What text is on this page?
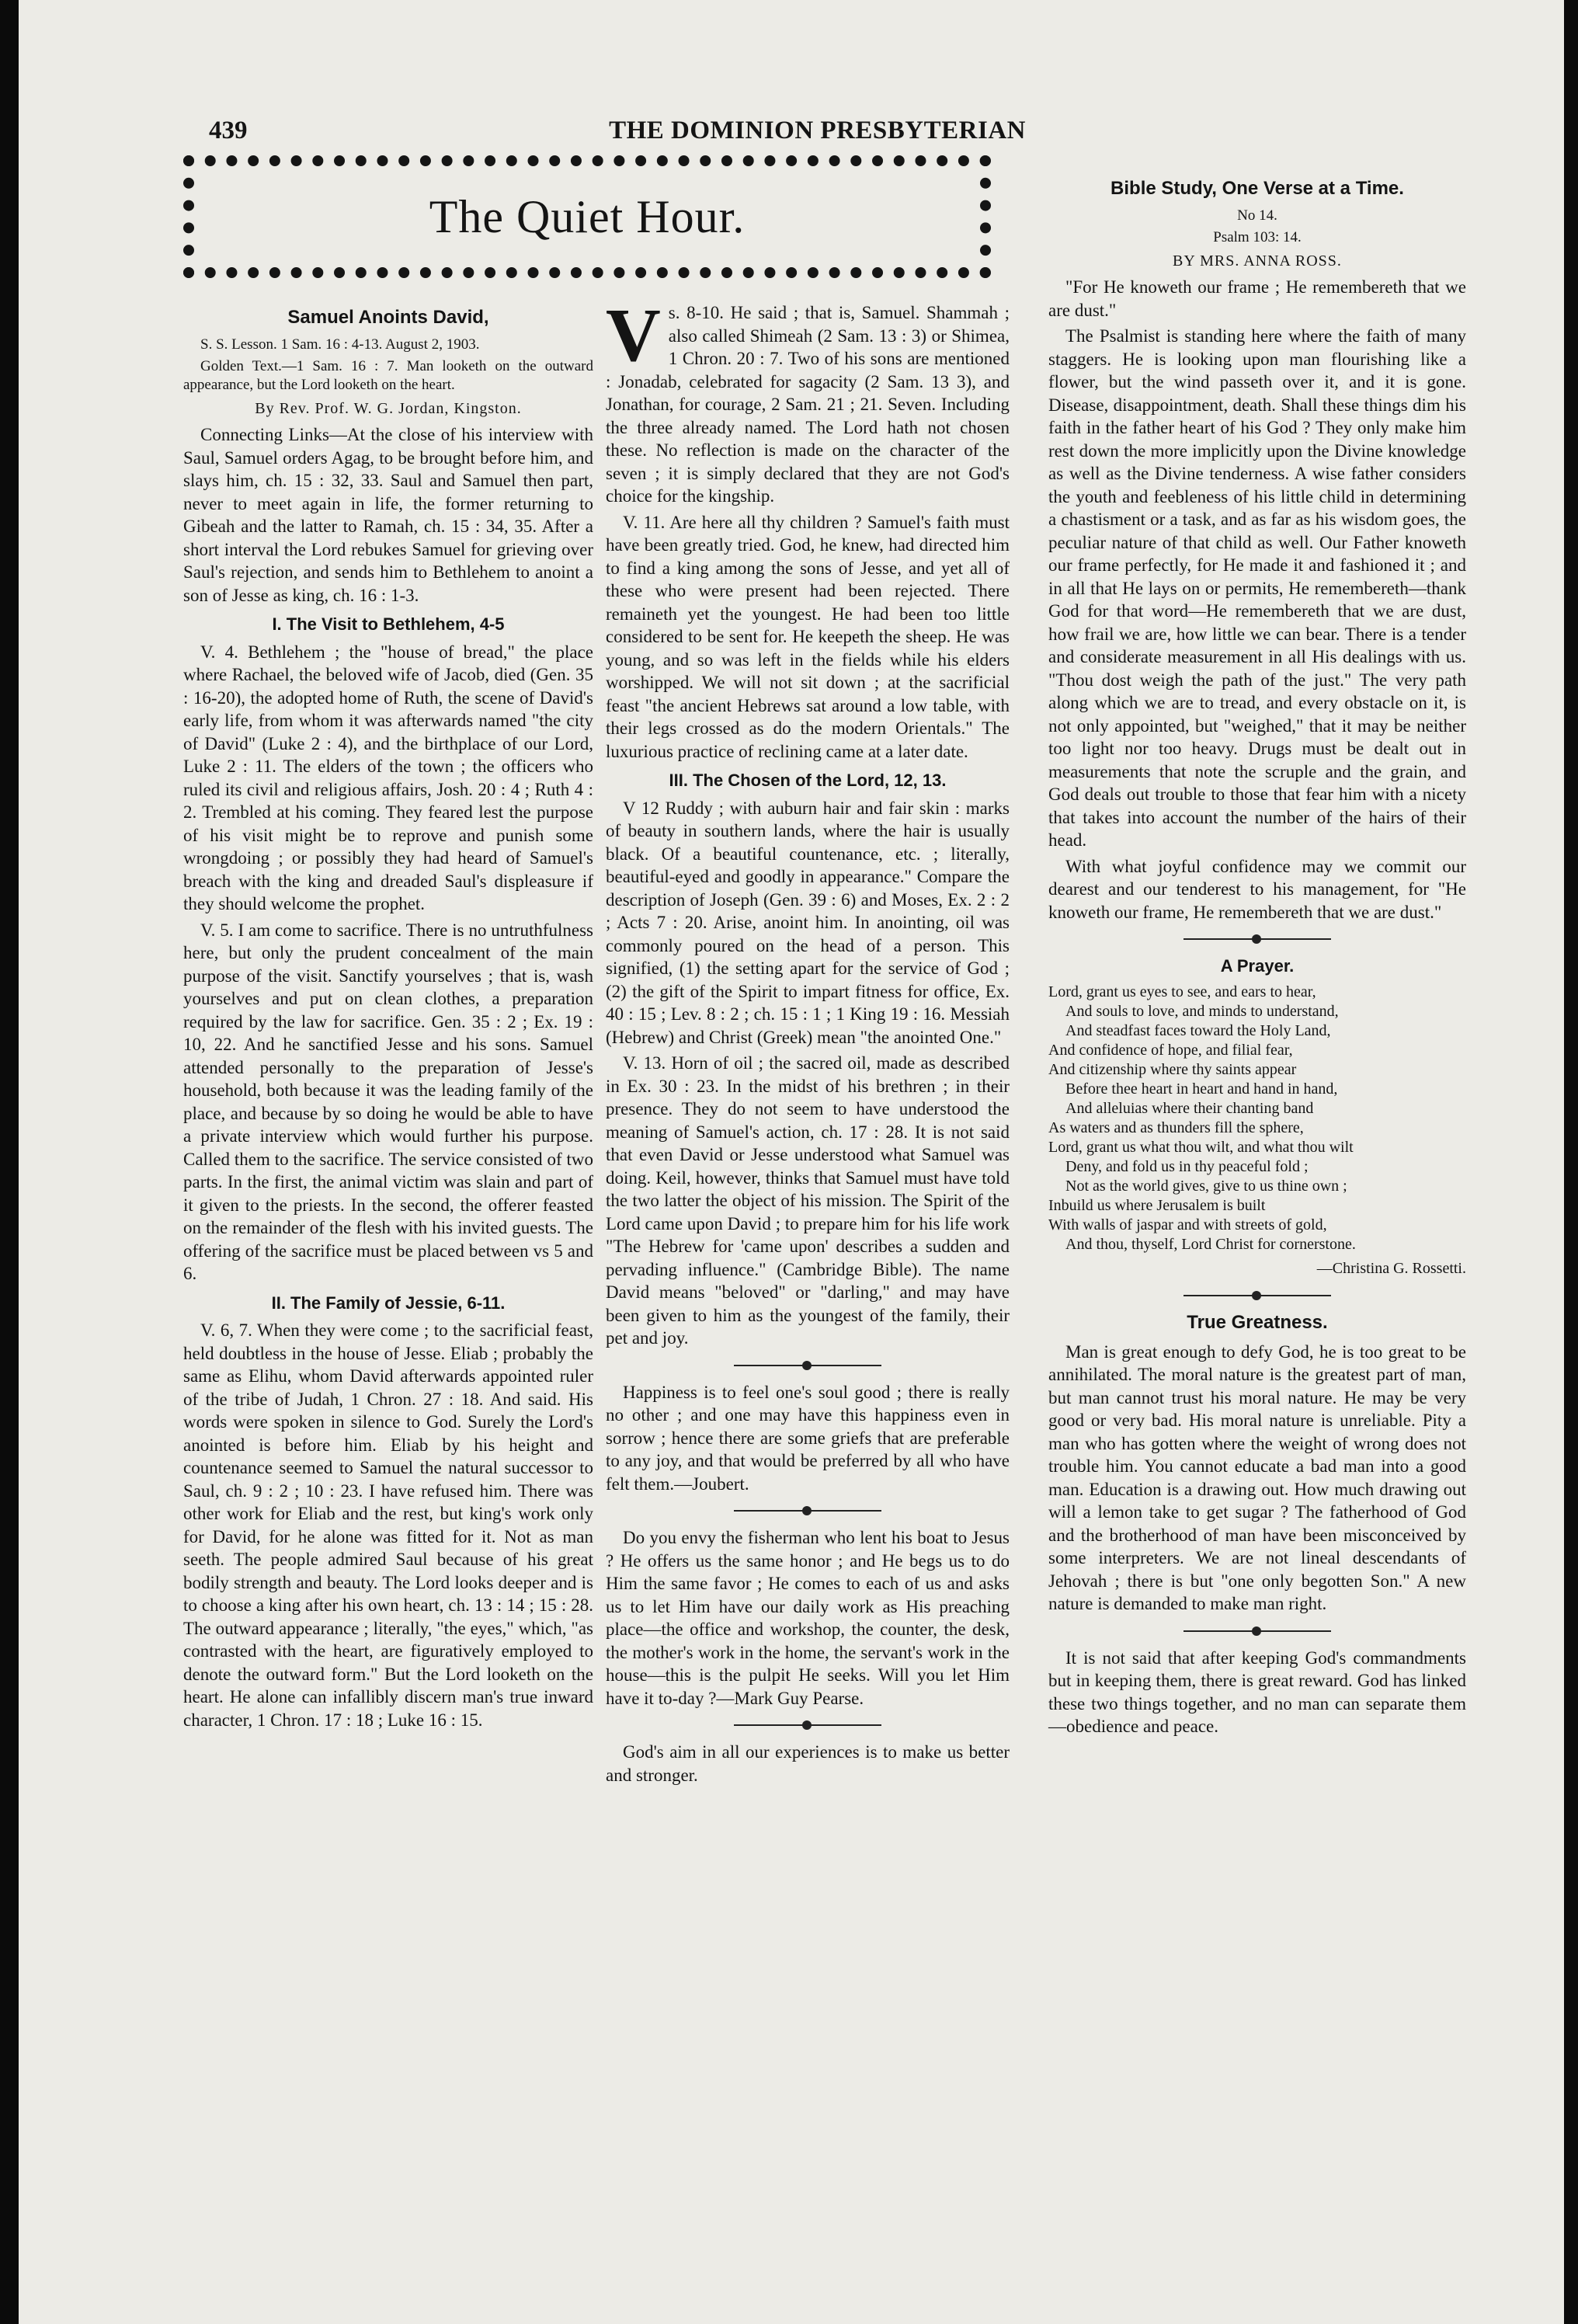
439	THE DOMINION PRESBYTERIAN
The Quiet Hour.
Samuel Anoints David,

S. S. Lesson. 1 Sam. 16 : 4-13. August 2, 1903.

Golden Text.—1 Sam. 16 : 7. Man looketh on the outward appearance, but the Lord looketh on the heart.

By Rev. Prof. W. G. Jordan, Kingston.

Connecting Links—At the close of his interview with Saul, Samuel orders Agag, to be brought before him, and slays him, ch. 15 : 32, 33. Saul and Samuel then part, never to meet again in life, the former returning to Gibeah and the latter to Ramah, ch. 15 : 34, 35. After a short interval the Lord rebukes Samuel for grieving over Saul's rejection, and sends him to Bethlehem to anoint a son of Jesse as king, ch. 16 : 1-3.

I. The Visit to Bethlehem, 4-5

V. 4. Bethlehem ; the "house of bread," the place where Rachael, the beloved wife of Jacob, died (Gen. 35 : 16-20), the adopted home of Ruth, the scene of David's early life, from whom it was afterwards named "the city of David" (Luke 2 : 4), and the birthplace of our Lord, Luke 2 : 11. The elders of the town ; the officers who ruled its civil and religious affairs, Josh. 20 : 4 ; Ruth 4 : 2. Trembled at his coming. They feared lest the purpose of his visit might be to reprove and punish some wrongdoing ; or possibly they had heard of Samuel's breach with the king and dreaded Saul's displeasure if they should welcome the prophet.

V. 5. I am come to sacrifice. There is no untruthfulness here, but only the prudent concealment of the main purpose of the visit. Sanctify yourselves ; that is, wash yourselves and put on clean clothes, a preparation required by the law for sacrifice. Gen. 35 : 2 ; Ex. 19 : 10, 22. And he sanctified Jesse and his sons. Samuel attended personally to the preparation of Jesse's household, both because it was the leading family of the place, and because by so doing he would be able to have a private interview which would further his purpose. Called them to the sacrifice. The service consisted of two parts. In the first, the animal victim was slain and part of it given to the priests. In the second, the offerer feasted on the remainder of the flesh with his invited guests. The offering of the sacrifice must be placed between vs 5 and 6.

II. The Family of Jessie, 6-11.

V. 6, 7. When they were come ; to the sacrificial feast, held doubtless in the house of Jesse. Eliab ; probably the same as Elihu, whom David afterwards appointed ruler of the tribe of Judah, 1 Chron. 27 : 18. And said. His words were spoken in silence to God. Surely the Lord's anointed is before him. Eliab by his height and countenance seemed to Samuel the natural successor to Saul, ch. 9 : 2 ; 10 : 23. I have refused him. There was other work for Eliab and the rest, but king's work only for David, for he alone was fitted for it. Not as man seeth. The people admired Saul because of his great bodily strength and beauty. The Lord looks deeper and is to choose a king after his own heart, ch. 13 : 14 ; 15 : 28. The outward appearance ; literally, "the eyes," which, "as contrasted with the heart, are figuratively employed to denote the outward form." But the Lord looketh on the heart. He alone can infallibly discern man's true inward character, 1 Chron. 17 : 18 ; Luke 16 : 15.

Vs. 8-10. He said ; that is, Samuel. Shammah ; also called Shimeah (2 Sam. 13 : 3) or Shimea, 1 Chron. 20 : 7. Two of his sons are mentioned : Jonadab, celebrated for sagacity (2 Sam. 13 3), and Jonathan, for courage, 2 Sam. 21 ; 21. Seven. Including the three already named. The Lord hath not chosen these. No reflection is made on the character of the seven ; it is simply declared that they are not God's choice for the kingship.

V. 11. Are here all thy children ? Samuel's faith must have been greatly tried. God, he knew, had directed him to find a king among the sons of Jesse, and yet all of these who were present had been rejected. There remaineth yet the youngest. He had been too little considered to be sent for. He keepeth the sheep. He was young, and so was left in the fields while his elders worshipped. We will not sit down ; at the sacrificial feast "the ancient Hebrews sat around a low table, with their legs crossed as do the modern Orientals." The luxurious practice of reclining came at a later date.

III. The Chosen of the Lord, 12, 13.

V 12 Ruddy ; with auburn hair and fair skin : marks of beauty in southern lands, where the hair is usually black. Of a beautiful countenance, etc. ; literally, beautiful-eyed and goodly in appearance." Compare the description of Joseph (Gen. 39 : 6) and Moses, Ex. 2 : 2 ; Acts 7 : 20. Arise, anoint him. In anointing, oil was commonly poured on the head of a person. This signified, (1) the setting apart for the service of God ; (2) the gift of the Spirit to impart fitness for office, Ex. 40 : 15 ; Lev. 8 : 2 ; ch. 15 : 1 ; 1 King 19 : 16. Messiah (Hebrew) and Christ (Greek) mean "the anointed One."

V. 13. Horn of oil ; the sacred oil, made as described in Ex. 30 : 23. In the midst of his brethren ; in their presence. They do not seem to have understood the meaning of Samuel's action, ch. 17 : 28. It is not said that even David or Jesse understood what Samuel was doing. Keil, however, thinks that Samuel must have told the two latter the object of his mission. The Spirit of the Lord came upon David ; to prepare him for his life work "The Hebrew for 'came upon' describes a sudden and pervading influence." (Cambridge Bible). The name David means "beloved" or "darling," and may have been given to him as the youngest of the family, their pet and joy.

Happiness is to feel one's soul good ; there is really no other ; and one may have this happiness even in sorrow ; hence there are some griefs that are preferable to any joy, and that would be preferred by all who have felt them.—Joubert.

Do you envy the fisherman who lent his boat to Jesus ? He offers us the same honor ; and He begs us to do Him the same favor ; He comes to each of us and asks us to let Him have our daily work as His preaching place—the office and workshop, the counter, the desk, the mother's work in the home, the servant's work in the house—this is the pulpit He seeks. Will you let Him have it to-day ?—Mark Guy Pearse.

God's aim in all our experiences is to make us better and stronger.

Bible Study, One Verse at a Time.

No 14.

Psalm 103: 14.

BY MRS. ANNA ROSS.

"For He knoweth our frame ; He remembereth that we are dust."

The Psalmist is standing here where the faith of many staggers. He is looking upon man flourishing like a flower, but the wind passeth over it, and it is gone. Disease, disappointment, death. Shall these things dim his faith in the father heart of his God ? They only make him rest down the more implicitly upon the Divine knowledge as well as the Divine tenderness. A wise father considers the youth and feebleness of his little child in determining a chastisment or a task, and as far as his wisdom goes, the peculiar nature of that child as well. Our Father knoweth our frame perfectly, for He made it and fashioned it ; and in all that He lays on or permits, He remembereth—thank God for that word—He remembereth that we are dust, how frail we are, how little we can bear. There is a tender and considerate measurement in all His dealings with us. "Thou dost weigh the path of the just." The very path along which we are to tread, and every obstacle on it, is not only appointed, but "weighed," that it may be neither too light nor too heavy. Drugs must be dealt out in measurements that note the scruple and the grain, and God deals out trouble to those that fear him with a nicety that takes into account the number of the hairs of their head.

With what joyful confidence may we commit our dearest and our tenderest to his management, for "He knoweth our frame, He remembereth that we are dust."

A Prayer.

Lord, grant us eyes to see, and ears to hear,
And souls to love, and minds to understand,
And steadfast faces toward the Holy Land,
And confidence of hope, and filial fear,
And citizenship where thy saints appear
Before thee heart in heart and hand in hand,
And alleluias where their chanting band
As waters and as thunders fill the sphere,
Lord, grant us what thou wilt, and what thou wilt
Deny, and fold us in thy peaceful fold ;
Not as the world gives, give to us thine own ;
Inbuild us where Jerusalem is built
With walls of jaspar and with streets of gold,
And thou, thyself, Lord Christ for cornerstone.

—Christina G. Rossetti.

True Greatness.

Man is great enough to defy God, he is too great to be annihilated. The moral nature is the greatest part of man, but man cannot trust his moral nature. He may be very good or very bad. His moral nature is unreliable. Pity a man who has gotten where the weight of wrong does not trouble him. You cannot educate a bad man into a good man. Education is a drawing out. How much drawing out will a lemon take to get sugar ? The fatherhood of God and the brotherhood of man have been misconceived by some interpreters. We are not lineal descendants of Jehovah ; there is but "one only begotten Son." A new nature is demanded to make man right.

It is not said that after keeping God's commandments but in keeping them, there is great reward. God has linked these two things together, and no man can separate them—obedience and peace.
